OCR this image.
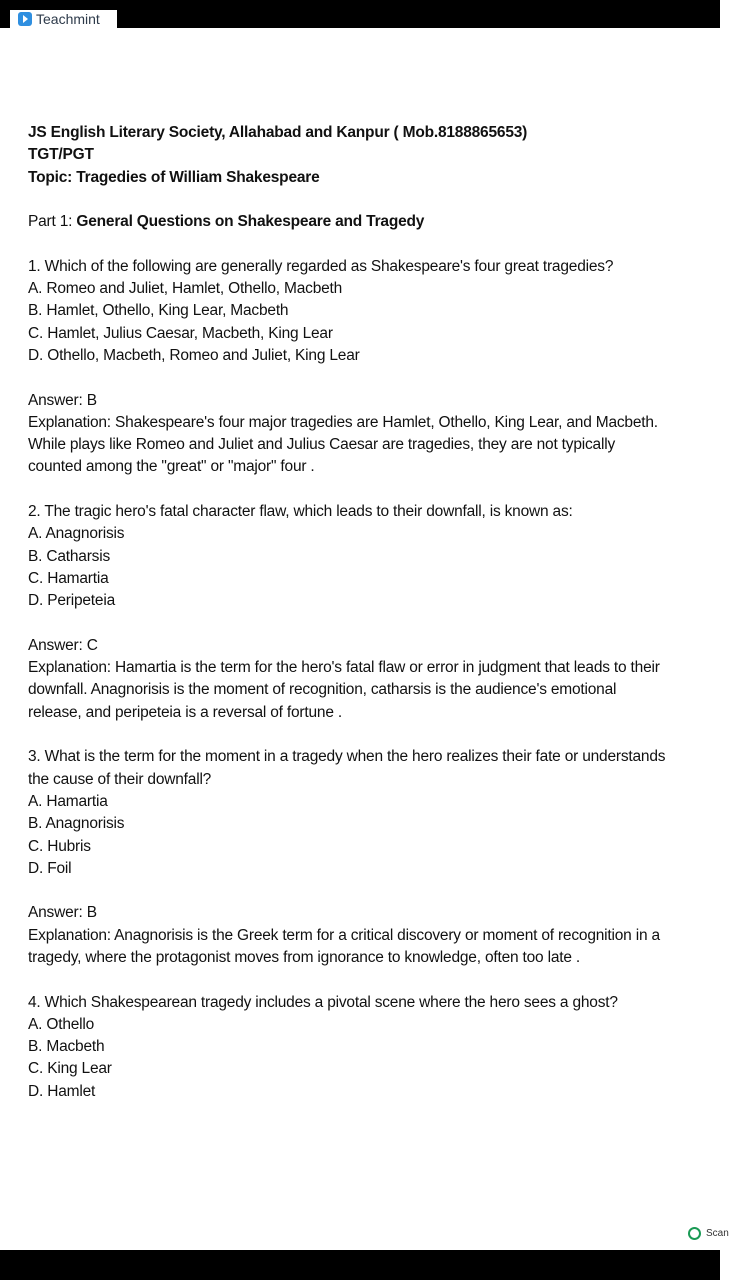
Teachmint
JS English Literary Society, Allahabad and Kanpur ( Mob.8188865653)
TGT/PGT
Topic: Tragedies of William Shakespeare
Part 1: General Questions on Shakespeare and Tragedy
1. Which of the following are generally regarded as Shakespeare's four great tragedies?
A. Romeo and Juliet, Hamlet, Othello, Macbeth
B. Hamlet, Othello, King Lear, Macbeth
C. Hamlet, Julius Caesar, Macbeth, King Lear
D. Othello, Macbeth, Romeo and Juliet, King Lear
Answer: B
Explanation: Shakespeare's four major tragedies are Hamlet, Othello, King Lear, and Macbeth.
While plays like Romeo and Juliet and Julius Caesar are tragedies, they are not typically
counted among the "great" or "major" four .
2. The tragic hero's fatal character flaw, which leads to their downfall, is known as:
A. Anagnorisis
B. Catharsis
C. Hamartia
D. Peripeteia
Answer: C
Explanation: Hamartia is the term for the hero's fatal flaw or error in judgment that leads to their
downfall. Anagnorisis is the moment of recognition, catharsis is the audience's emotional
release, and peripeteia is a reversal of fortune .
3. What is the term for the moment in a tragedy when the hero realizes their fate or understands
the cause of their downfall?
A. Hamartia
B. Anagnorisis
C. Hubris
D. Foil
Answer: B
Explanation: Anagnorisis is the Greek term for a critical discovery or moment of recognition in a
tragedy, where the protagonist moves from ignorance to knowledge, often too late .
4. Which Shakespearean tragedy includes a pivotal scene where the hero sees a ghost?
A. Othello
B. Macbeth
C. King Lear
D. Hamlet
Scan
